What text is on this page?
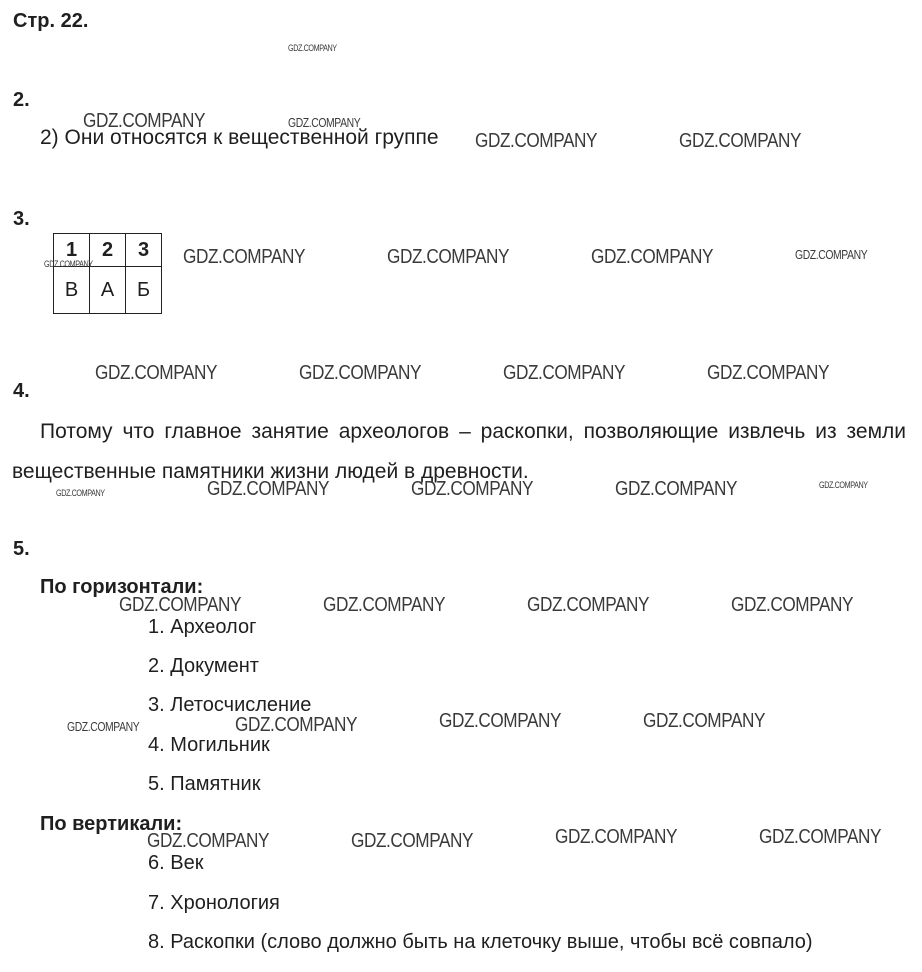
Стр. 22.
2.
2) Они относятся к вещественной группе
3.
1	2	3
В	А	Б
4.
Потому что главное занятие археологов – раскопки, позволяющие извлечь из земли вещественные памятники жизни людей в древности.
5.
По горизонтали:
1. Археолог
2. Документ
3. Летосчисление
4. Могильник
5. Памятник
По вертикали:
6. Век
7. Хронология
8. Раскопки (слово должно быть на клеточку выше, чтобы всё совпало)
GDZ.COMPANY
GDZ.COMPANY	GDZ.COMPANY
GDZ.COMPANY	GDZ.COMPANY
GDZ.COMPANY	GDZ.COMPANY	GDZ.COMPANY	GDZ.COMPANY	GDZ.COMPANY
GDZ.COMPANY	GDZ.COMPANY	GDZ.COMPANY	GDZ.COMPANY
GDZ.COMPANY	GDZ.COMPANY	GDZ.COMPANY	GDZ.COMPANY	GDZ.COMPANY
GDZ.COMPANY	GDZ.COMPANY	GDZ.COMPANY	GDZ.COMPANY
GDZ.COMPANY	GDZ.COMPANY	GDZ.COMPANY	GDZ.COMPANY
GDZ.COMPANY	GDZ.COMPANY	GDZ.COMPANY	GDZ.COMPANY
